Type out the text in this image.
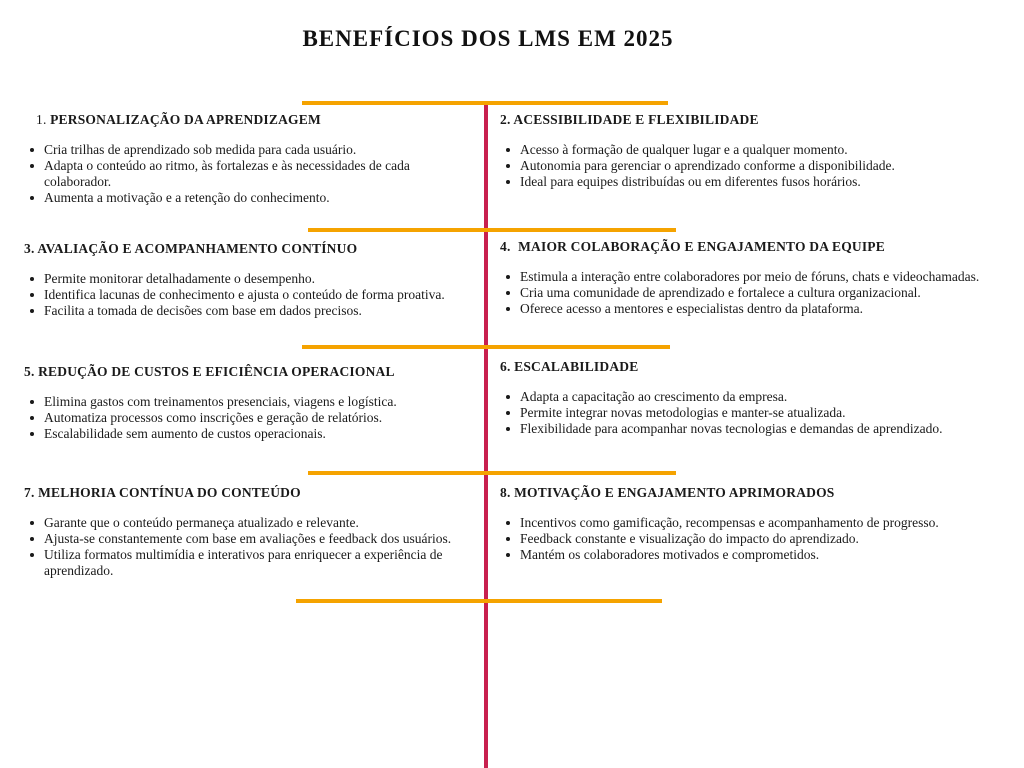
BENEFÍCIOS DOS LMS EM 2025
1. PERSONALIZAÇÃO DA APRENDIZAGEM
Cria trilhas de aprendizado sob medida para cada usuário.
Adapta o conteúdo ao ritmo, às fortalezas e às necessidades de cada colaborador.
Aumenta a motivação e a retenção do conhecimento.
2. ACESSIBILIDADE E FLEXIBILIDADE
Acesso à formação de qualquer lugar e a qualquer momento.
Autonomia para gerenciar o aprendizado conforme a disponibilidade.
Ideal para equipes distribuídas ou em diferentes fusos horários.
3. AVALIAÇÃO E ACOMPANHAMENTO CONTÍNUO
Permite monitorar detalhadamente o desempenho.
Identifica lacunas de conhecimento e ajusta o conteúdo de forma proativa.
Facilita a tomada de decisões com base em dados precisos.
4. MAIOR COLABORAÇÃO E ENGAJAMENTO DA EQUIPE
Estimula a interação entre colaboradores por meio de fóruns, chats e videochamadas.
Cria uma comunidade de aprendizado e fortalece a cultura organizacional.
Oferece acesso a mentores e especialistas dentro da plataforma.
5. REDUÇÃO DE CUSTOS E EFICIÊNCIA OPERACIONAL
Elimina gastos com treinamentos presenciais, viagens e logística.
Automatiza processos como inscrições e geração de relatórios.
Escalabilidade sem aumento de custos operacionais.
6. ESCALABILIDADE
Adapta a capacitação ao crescimento da empresa.
Permite integrar novas metodologias e manter-se atualizada.
Flexibilidade para acompanhar novas tecnologias e demandas de aprendizado.
7. MELHORIA CONTÍNUA DO CONTEÚDO
Garante que o conteúdo permaneça atualizado e relevante.
Ajusta-se constantemente com base em avaliações e feedback dos usuários.
Utiliza formatos multimídia e interativos para enriquecer a experiência de aprendizado.
8. MOTIVAÇÃO E ENGAJAMENTO APRIMORADOS
Incentivos como gamificação, recompensas e acompanhamento de progresso.
Feedback constante e visualização do impacto do aprendizado.
Mantém os colaboradores motivados e comprometidos.
